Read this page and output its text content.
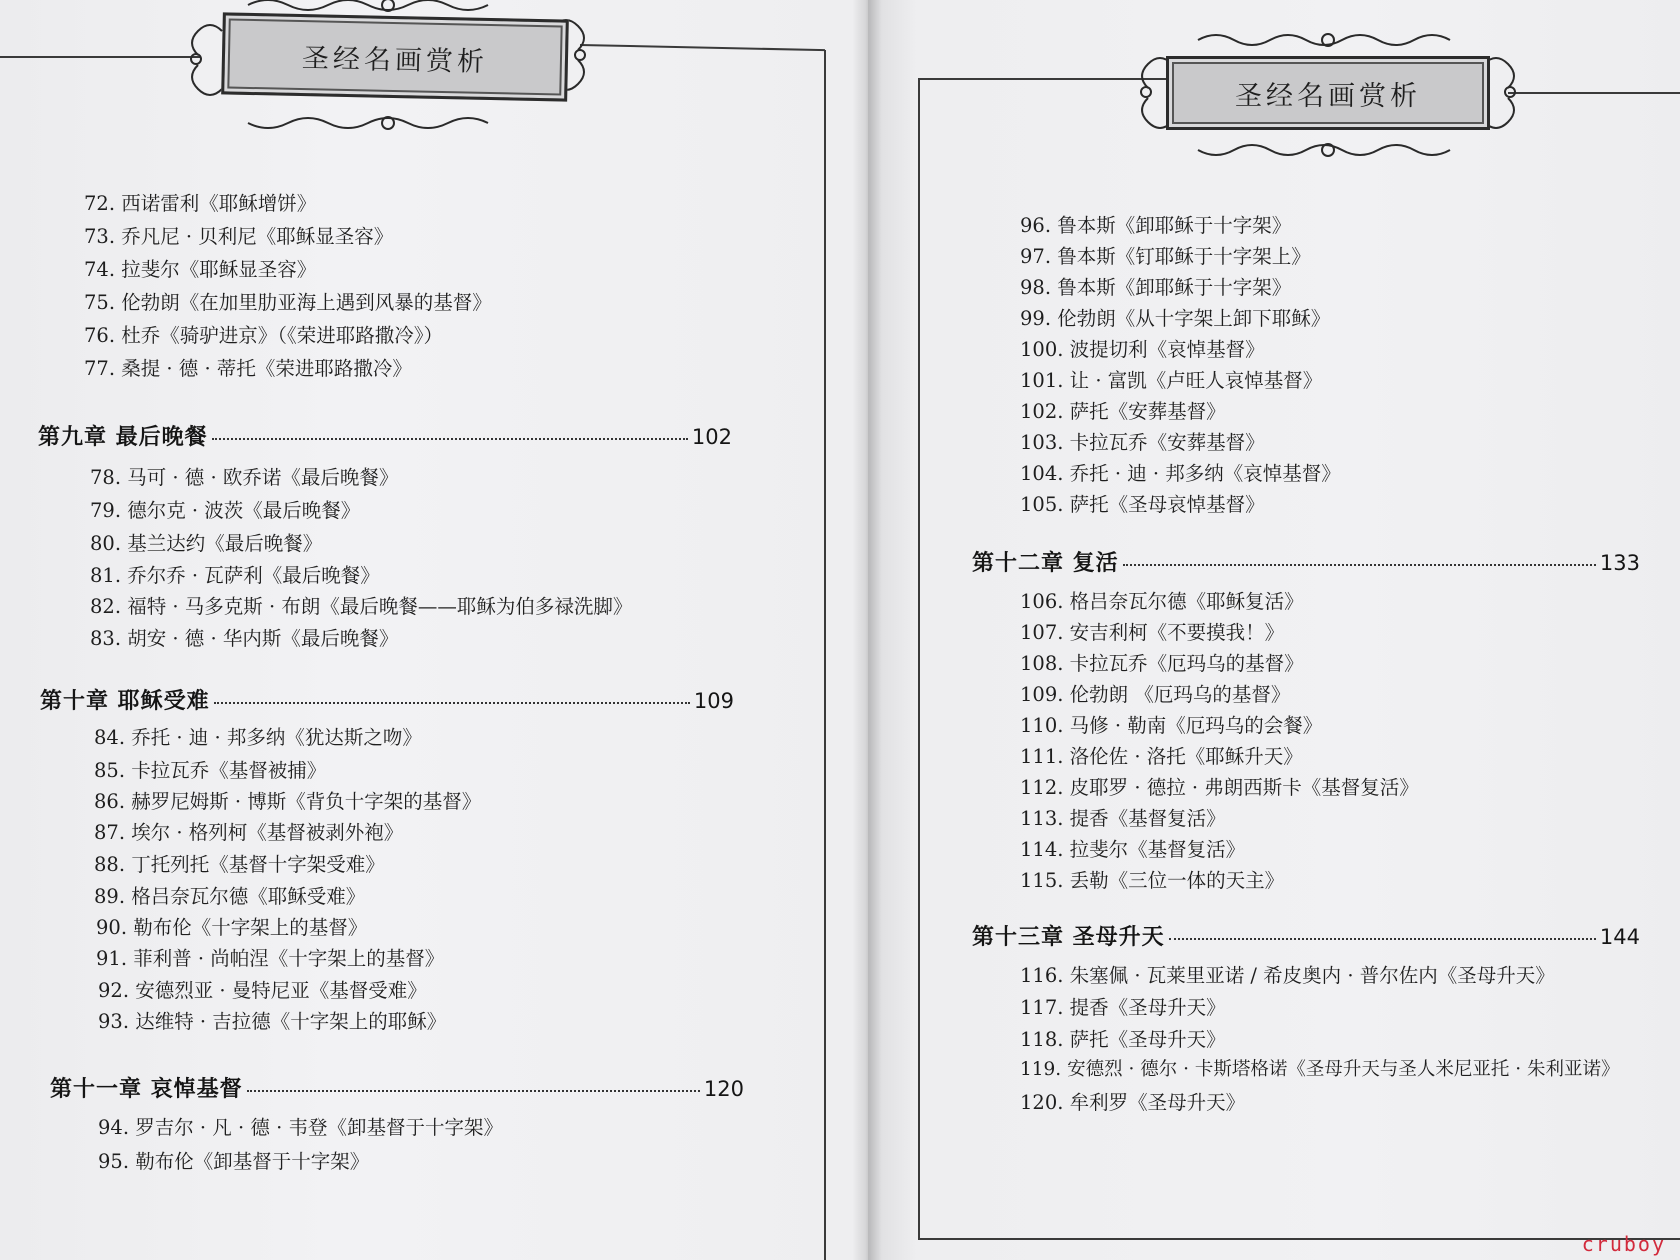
圣经名画赏析
72. 西诺雷利《耶稣增饼》
73. 乔凡尼 · 贝利尼《耶稣显圣容》
74. 拉斐尔《耶稣显圣容》
75. 伦勃朗《在加里肋亚海上遇到风暴的基督》
76. 杜乔《骑驴进京》（《荣进耶路撒冷》）
77. 桑提 · 德 · 蒂托《荣进耶路撒冷》
第九章 最后晚餐	102
78. 马可 · 德 · 欧乔诺《最后晚餐》
79. 德尔克 · 波茨《最后晚餐》
80. 基兰达约《最后晚餐》
81. 乔尔乔 · 瓦萨利《最后晚餐》
82. 福特 · 马多克斯 · 布朗《最后晚餐——耶稣为伯多禄洗脚》
83. 胡安 · 德 · 华内斯《最后晚餐》
第十章 耶稣受难	109
84. 乔托 · 迪 · 邦多纳《犹达斯之吻》
85. 卡拉瓦乔《基督被捕》
86. 赫罗尼姆斯 · 博斯《背负十字架的基督》
87. 埃尔 · 格列柯《基督被剥外袍》
88. 丁托列托《基督十字架受难》
89. 格吕奈瓦尔德《耶稣受难》
90. 勒布伦《十字架上的基督》
91. 菲利普 · 尚帕涅《十字架上的基督》
92. 安德烈亚 · 曼特尼亚《基督受难》
93. 达维特 · 吉拉德《十字架上的耶稣》
第十一章 哀悼基督	120
94. 罗吉尔 · 凡 · 德 · 韦登《卸基督于十字架》
95. 勒布伦《卸基督于十字架》
圣经名画赏析
96. 鲁本斯《卸耶稣于十字架》
97. 鲁本斯《钉耶稣于十字架上》
98. 鲁本斯《卸耶稣于十字架》
99. 伦勃朗《从十字架上卸下耶稣》
100. 波提切利《哀悼基督》
101. 让 · 富凯《卢旺人哀悼基督》
102. 萨托《安葬基督》
103. 卡拉瓦乔《安葬基督》
104. 乔托 · 迪 · 邦多纳《哀悼基督》
105. 萨托《圣母哀悼基督》
第十二章 复活	133
106. 格吕奈瓦尔德《耶稣复活》
107. 安吉利柯《不要摸我！》
108. 卡拉瓦乔《厄玛乌的基督》
109. 伦勃朗 《厄玛乌的基督》
110. 马修 · 勒南《厄玛乌的会餐》
111. 洛伦佐 · 洛托《耶稣升天》
112. 皮耶罗 · 德拉 · 弗朗西斯卡《基督复活》
113. 提香《基督复活》
114. 拉斐尔《基督复活》
115. 丢勒《三位一体的天主》
第十三章 圣母升天	144
116. 朱塞佩 · 瓦莱里亚诺 / 希皮奥内 · 普尔佐内《圣母升天》
117. 提香《圣母升天》
118. 萨托《圣母升天》
119. 安德烈 · 德尔 · 卡斯塔格诺《圣母升天与圣人米尼亚托 · 朱利亚诺》
120. 牟利罗《圣母升天》
cruboy
